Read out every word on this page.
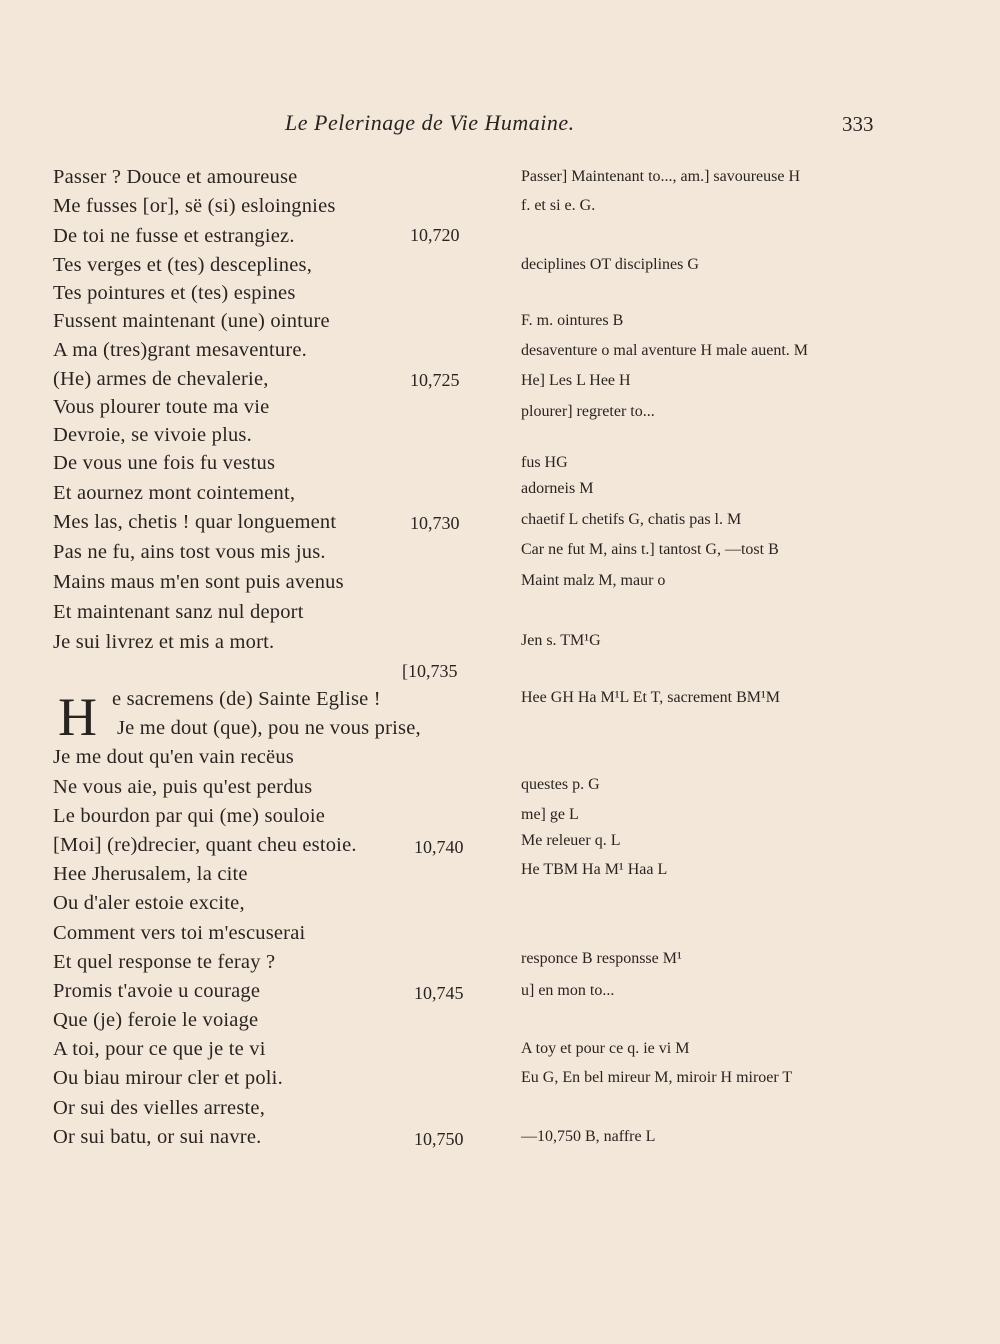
Le Pelerinage de Vie Humaine.	333
Passer ? Douce et amoureuse
Me fusses [or], së (si) esloingnies
De toi ne fusse et estrangiez.
Tes verges et (tes) desceplines,
Tes pointures et (tes) espines
Fussent maintenant (une) ointure
A ma (tres)grant mesaventure.
(He) armes de chevalerie,
Vous plourer toute ma vie
Devroie, se vivoie plus.
De vous une fois fu vestus
Et aournez mont cointement,
Mes las, chetis ! quar longuement
Pas ne fu, ains tost vous mis jus.
Mains maus m'en sont puis avenus
Et maintenant sanz nul deport
Je sui livrez et mis a mort.
H e sacremens (de) Sainte Eglise !
Je me dout (que), pou ne vous prise,
Je me dout qu'en vain recëus
Ne vous aie, puis qu'est perdus
Le bourdon par qui (me) souloie
[Moi] (re)drecier, quant cheu estoie.
Hee Jherusalem, la cite
Ou d'aler estoie excite,
Comment vers toi m'escuserai
Et quel response te feray ?
Promis t'avoie u courage
Que (je) feroie le voiage
A toi, pour ce que je te vi
Ou biau mirour cler et poli.
Or sui des vielles arreste,
Or sui batu, or sui navre.
10,720
10,725
10,730
[10,735
10,740
10,745
10,750
Passer] Maintenant to..., am.] savoureuse H
f. et si e. G.
deciplines OT disciplines G
F. m. ointures B
desaventure o mal aventure H male auent. M
He] Les L Hee H
plourer] regreter to...
fus HG
adorneis M
chaetif L chetifs G, chatis pas l. M
Car ne fut M, ains t.] tantost G, —tost B
Maint malz M, maur o
Jen s. TM¹G
Hee GH Ha M¹L Et T, sacrement BM¹M
questes p. G
me] ge L
Me releuer q. L
He TBM Ha M¹ Haa L
responce B responsse M¹
u] en mon to...
A toy et pour ce q. ie vi M
Eu G, En bel mireur M, miroir H miroer T
—10,750 B, naffre L
